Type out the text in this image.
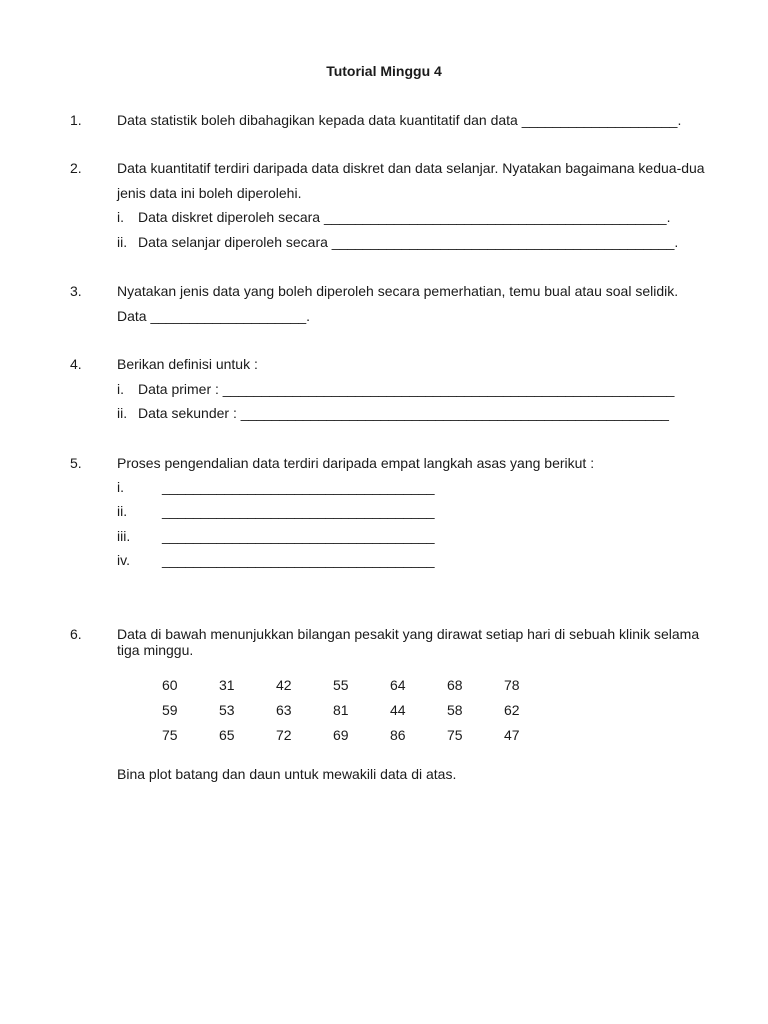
Tutorial Minggu 4
1.	Data statistik boleh dibahagikan kepada data kuantitatif dan data ____________________.
2.	Data kuantitatif terdiri daripada data diskret dan data selanjar. Nyatakan bagaimana kedua-dua
jenis data ini boleh diperolehi.
i. Data diskret diperoleh secara ____________________________________________.
ii. Data selanjar diperoleh secara ____________________________________________.
3.	Nyatakan jenis data yang boleh diperoleh secara pemerhatian, temu bual atau soal selidik.
Data ____________________.
4.	Berikan definisi untuk :
i. Data primer : __________________________________________________________
ii. Data sekunder : _______________________________________________________
5.	Proses pengendalian data terdiri daripada empat langkah asas yang berikut :
i.	___________________________________
ii. ___________________________________
iii. ___________________________________
iv. ___________________________________
6.	Data di bawah menunjukkan bilangan pesakit yang dirawat setiap hari di sebuah klinik selama
tiga minggu.
60	31	42	55	64	68	78
59	53	63	81	44	58	62
75	65	72	69	86	75	47
Bina plot batang dan daun untuk mewakili data di atas.
